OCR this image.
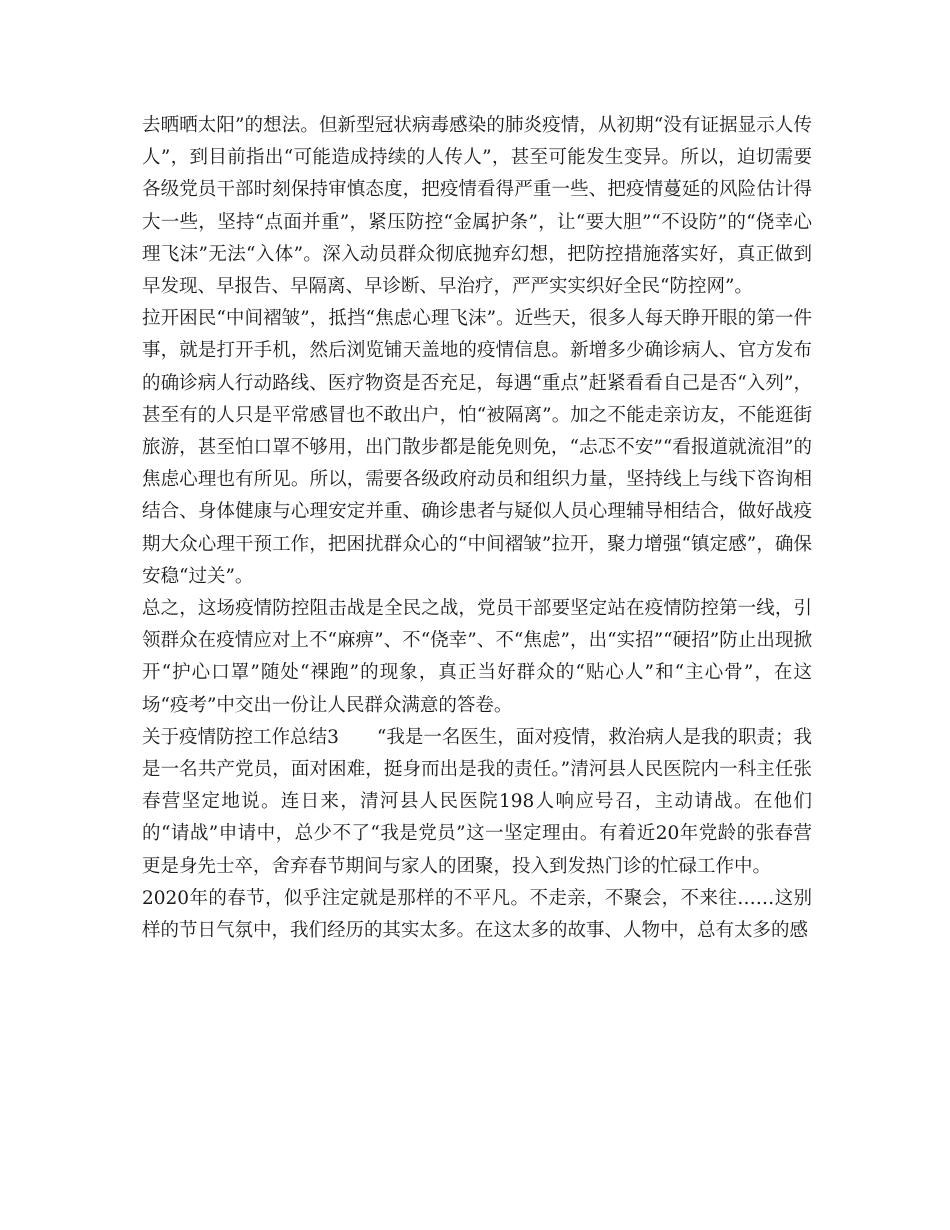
去晒晒太阳”的想法。但新型冠状病毒感染的肺炎疫情，从初期“没有证据显示人传人”，到目前指出“可能造成持续的人传人”，甚至可能发生变异。所以，迫切需要各级党员干部时刻保持审慎态度，把疫情看得严重一些、把疫情蔓延的风险估计得大一些，坚持“点面并重”，紧压防控“金属护条”，让“要大胆”“不设防”的“侥幸心理飞沫”无法“入体”。深入动员群众彻底抛弃幻想，把防控措施落实好，真正做到早发现、早报告、早隔离、早诊断、早治疗，严严实实织好全民“防控网”。

拉开困民“中间褶皱”，抵挡“焦虑心理飞沫”。近些天，很多人每天睁开眼的第一件事，就是打开手机，然后浏览铺天盖地的疫情信息。新增多少确诊病人、官方发布的确诊病人行动路线、医疗物资是否充足，每遇“重点”赶紧看看自己是否“入列”，甚至有的人只是平常感冒也不敢出户，怕“被隔离”。加之不能走亲访友，不能逛街旅游，甚至怕口罩不够用，出门散步都是能免则免，“忐忑不安”“看报道就流泪”的焦虑心理也有所见。所以，需要各级政府动员和组织力量，坚持线上与线下咨询相结合、身体健康与心理安定并重、确诊患者与疑似人员心理辅导相结合，做好战疫期大众心理干预工作，把困扰群众心的“中间褶皱”拉开，聚力增强“镇定感”，确保安稳“过关”。

总之，这场疫情防控阻击战是全民之战，党员干部要坚定站在疫情防控第一线，引领群众在疫情应对上不“麻痹”、不“侥幸”、不“焦虑”，出“实招”“硬招”防止出现掀开“护心口罩”随处“裸跑”的现象，真正当好群众的“贴心人”和“主心骨”，在这场“疫考”中交出一份让人民群众满意的答卷。

关于疫情防控工作总结3 “我是一名医生，面对疫情，救治病人是我的职责；我是一名共产党员，面对困难，挺身而出是我的责任。”清河县人民医院内一科主任张春营坚定地说。连日来，清河县人民医院198人响应号召，主动请战。在他们的“请战”申请中，总少不了“我是党员”这一坚定理由。有着近20年党龄的张春营更是身先士卒，舍弃春节期间与家人的团聚，投入到发热门诊的忙碌工作中。

2020年的春节，似乎注定就是那样的不平凡。不走亲，不聚会，不来往……这别样的节日气氛中，我们经历的其实太多。在这太多的故事、人物中，总有太多的感
